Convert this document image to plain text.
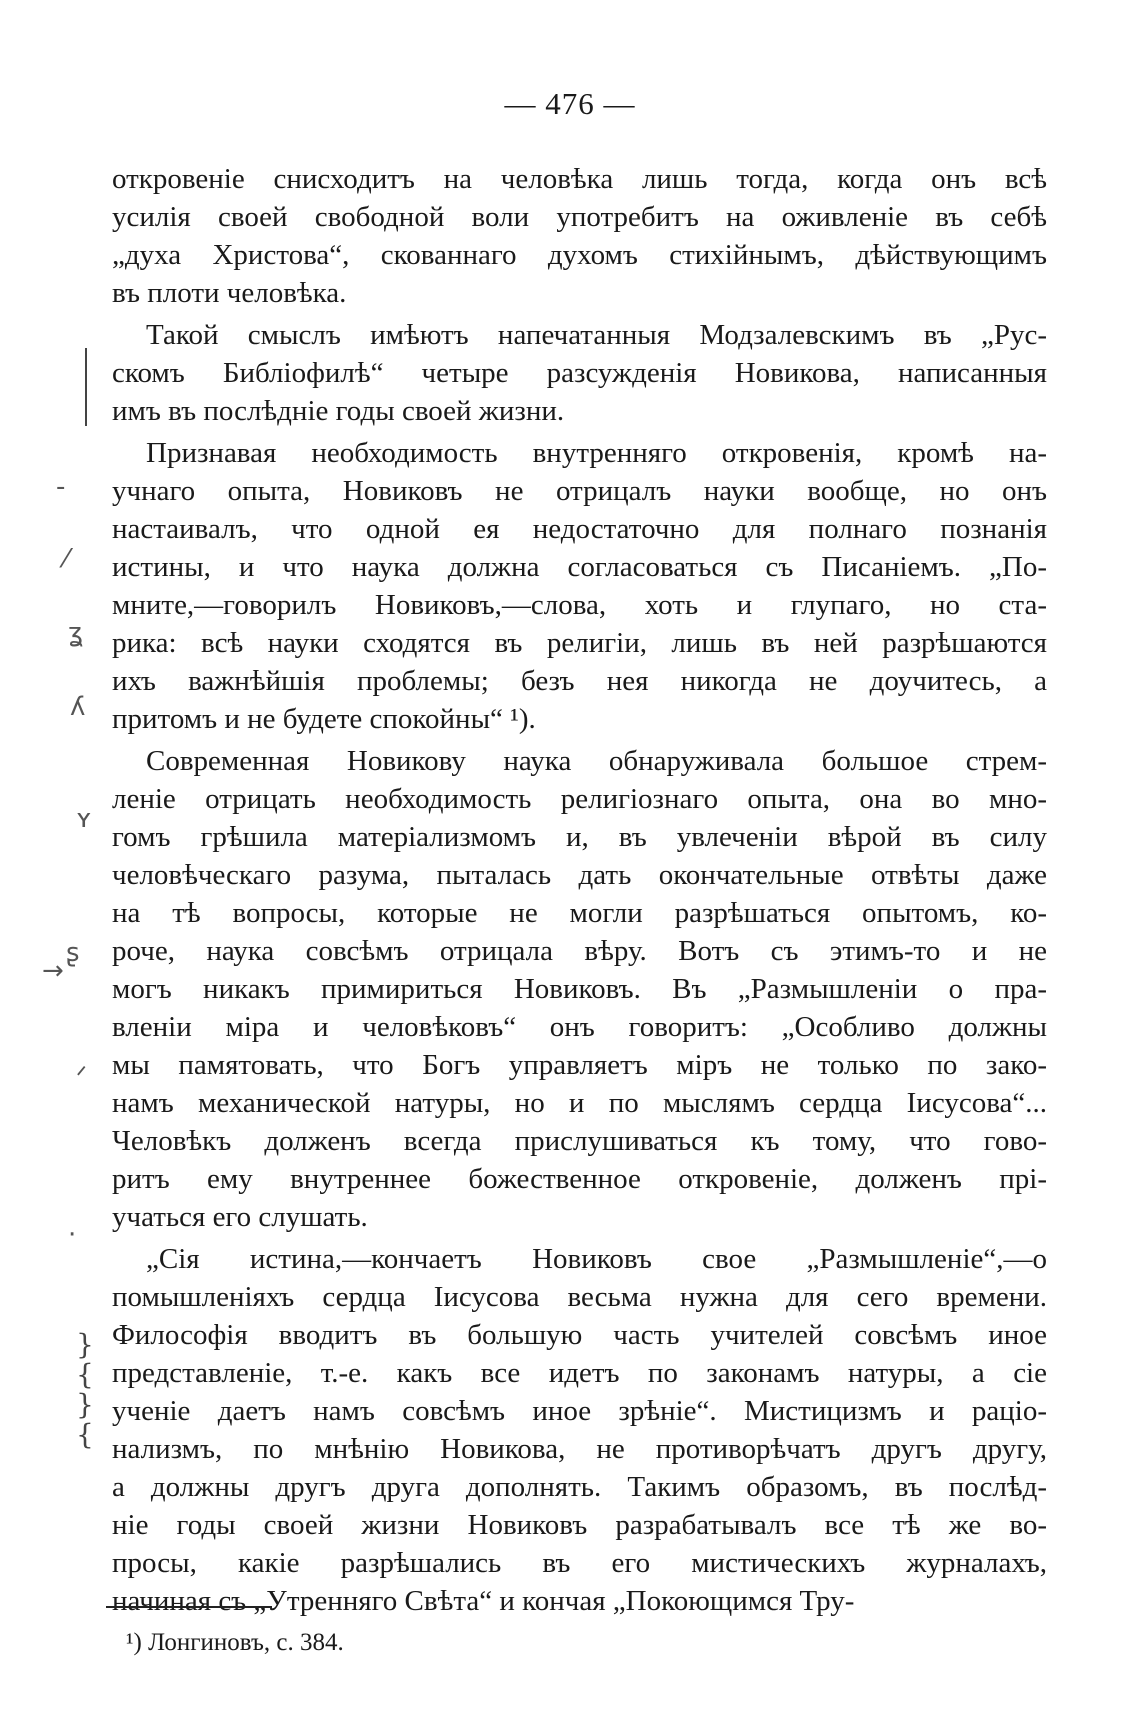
— 476 —
откровеніе снисходитъ на человѣка лишь тогда, когда онъ всѣ
усилія своей свободной воли употребитъ на оживленіе въ себѣ
„духа Христова“, скованнаго духомъ стихійнымъ, дѣйствующимъ
въ плоти человѣка.
Такой смыслъ имѣютъ напечатанныя Модзалевскимъ въ „Рус-
скомъ Библіофилѣ“ четыре разсужденія Новикова, написанныя
имъ въ послѣдніе годы своей жизни.
Признавая необходимость внутренняго откровенія, кромѣ на-
учнаго опыта, Новиковъ не отрицалъ науки вообще, но онъ
настаивалъ, что одной ея недостаточно для полнаго познанія
истины, и что наука должна согласоваться съ Писаніемъ. „По-
мните,—говорилъ Новиковъ,—слова, хоть и глупаго, но ста-
рика: всѣ науки сходятся въ религіи, лишь въ ней разрѣшаются
ихъ важнѣйшія проблемы; безъ нея никогда не доучитесь, а
притомъ и не будете спокойны“ ¹).
Современная Новикову наука обнаруживала большое стрем-
леніе отрицать необходимость религіознаго опыта, она во мно-
гомъ грѣшила матеріализмомъ и, въ увлеченіи вѣрой въ силу
человѣческаго разума, пыталась дать окончательные отвѣты даже
на тѣ вопросы, которые не могли разрѣшаться опытомъ, ко-
роче, наука совсѣмъ отрицала вѣру. Вотъ съ этимъ-то и не
могъ никакъ примириться Новиковъ. Въ „Размышленіи о пра-
вленіи міра и человѣковъ“ онъ говоритъ: „Особливо должны
мы памятовать, что Богъ управляетъ міръ не только по зако-
намъ механической натуры, но и по мыслямъ сердца Іисусова“...
Человѣкъ долженъ всегда прислушиваться къ тому, что гово-
ритъ ему внутреннее божественное откровеніе, долженъ прі-
учаться его слушать.
„Сія истина,—кончаетъ Новиковъ свое „Размышленіе“,—о
помышленіяхъ сердца Іисусова весьма нужна для сего времени.
Философія вводитъ въ большую часть учителей совсѣмъ иное
представленіе, т.-е. какъ все идетъ по законамъ натуры, а сіе
ученіе даетъ намъ совсѣмъ иное зрѣніе“. Мистицизмъ и раціо-
нализмъ, по мнѣнію Новикова, не противорѣчатъ другъ другу,
а должны другъ друга дополнять. Такимъ образомъ, въ послѣд-
ніе годы своей жизни Новиковъ разрабатывалъ все тѣ же во-
просы, какіе разрѣшались въ его мистическихъ журналахъ,
начиная съ „Утренняго Свѣта“ и кончая „Покоющимся Тру-
‐
⁄
ʓ
ʎ
ʏ
→
ʂ
ᐟ
·
}
{
}
{
¹) Лонгиновъ, с. 384.
